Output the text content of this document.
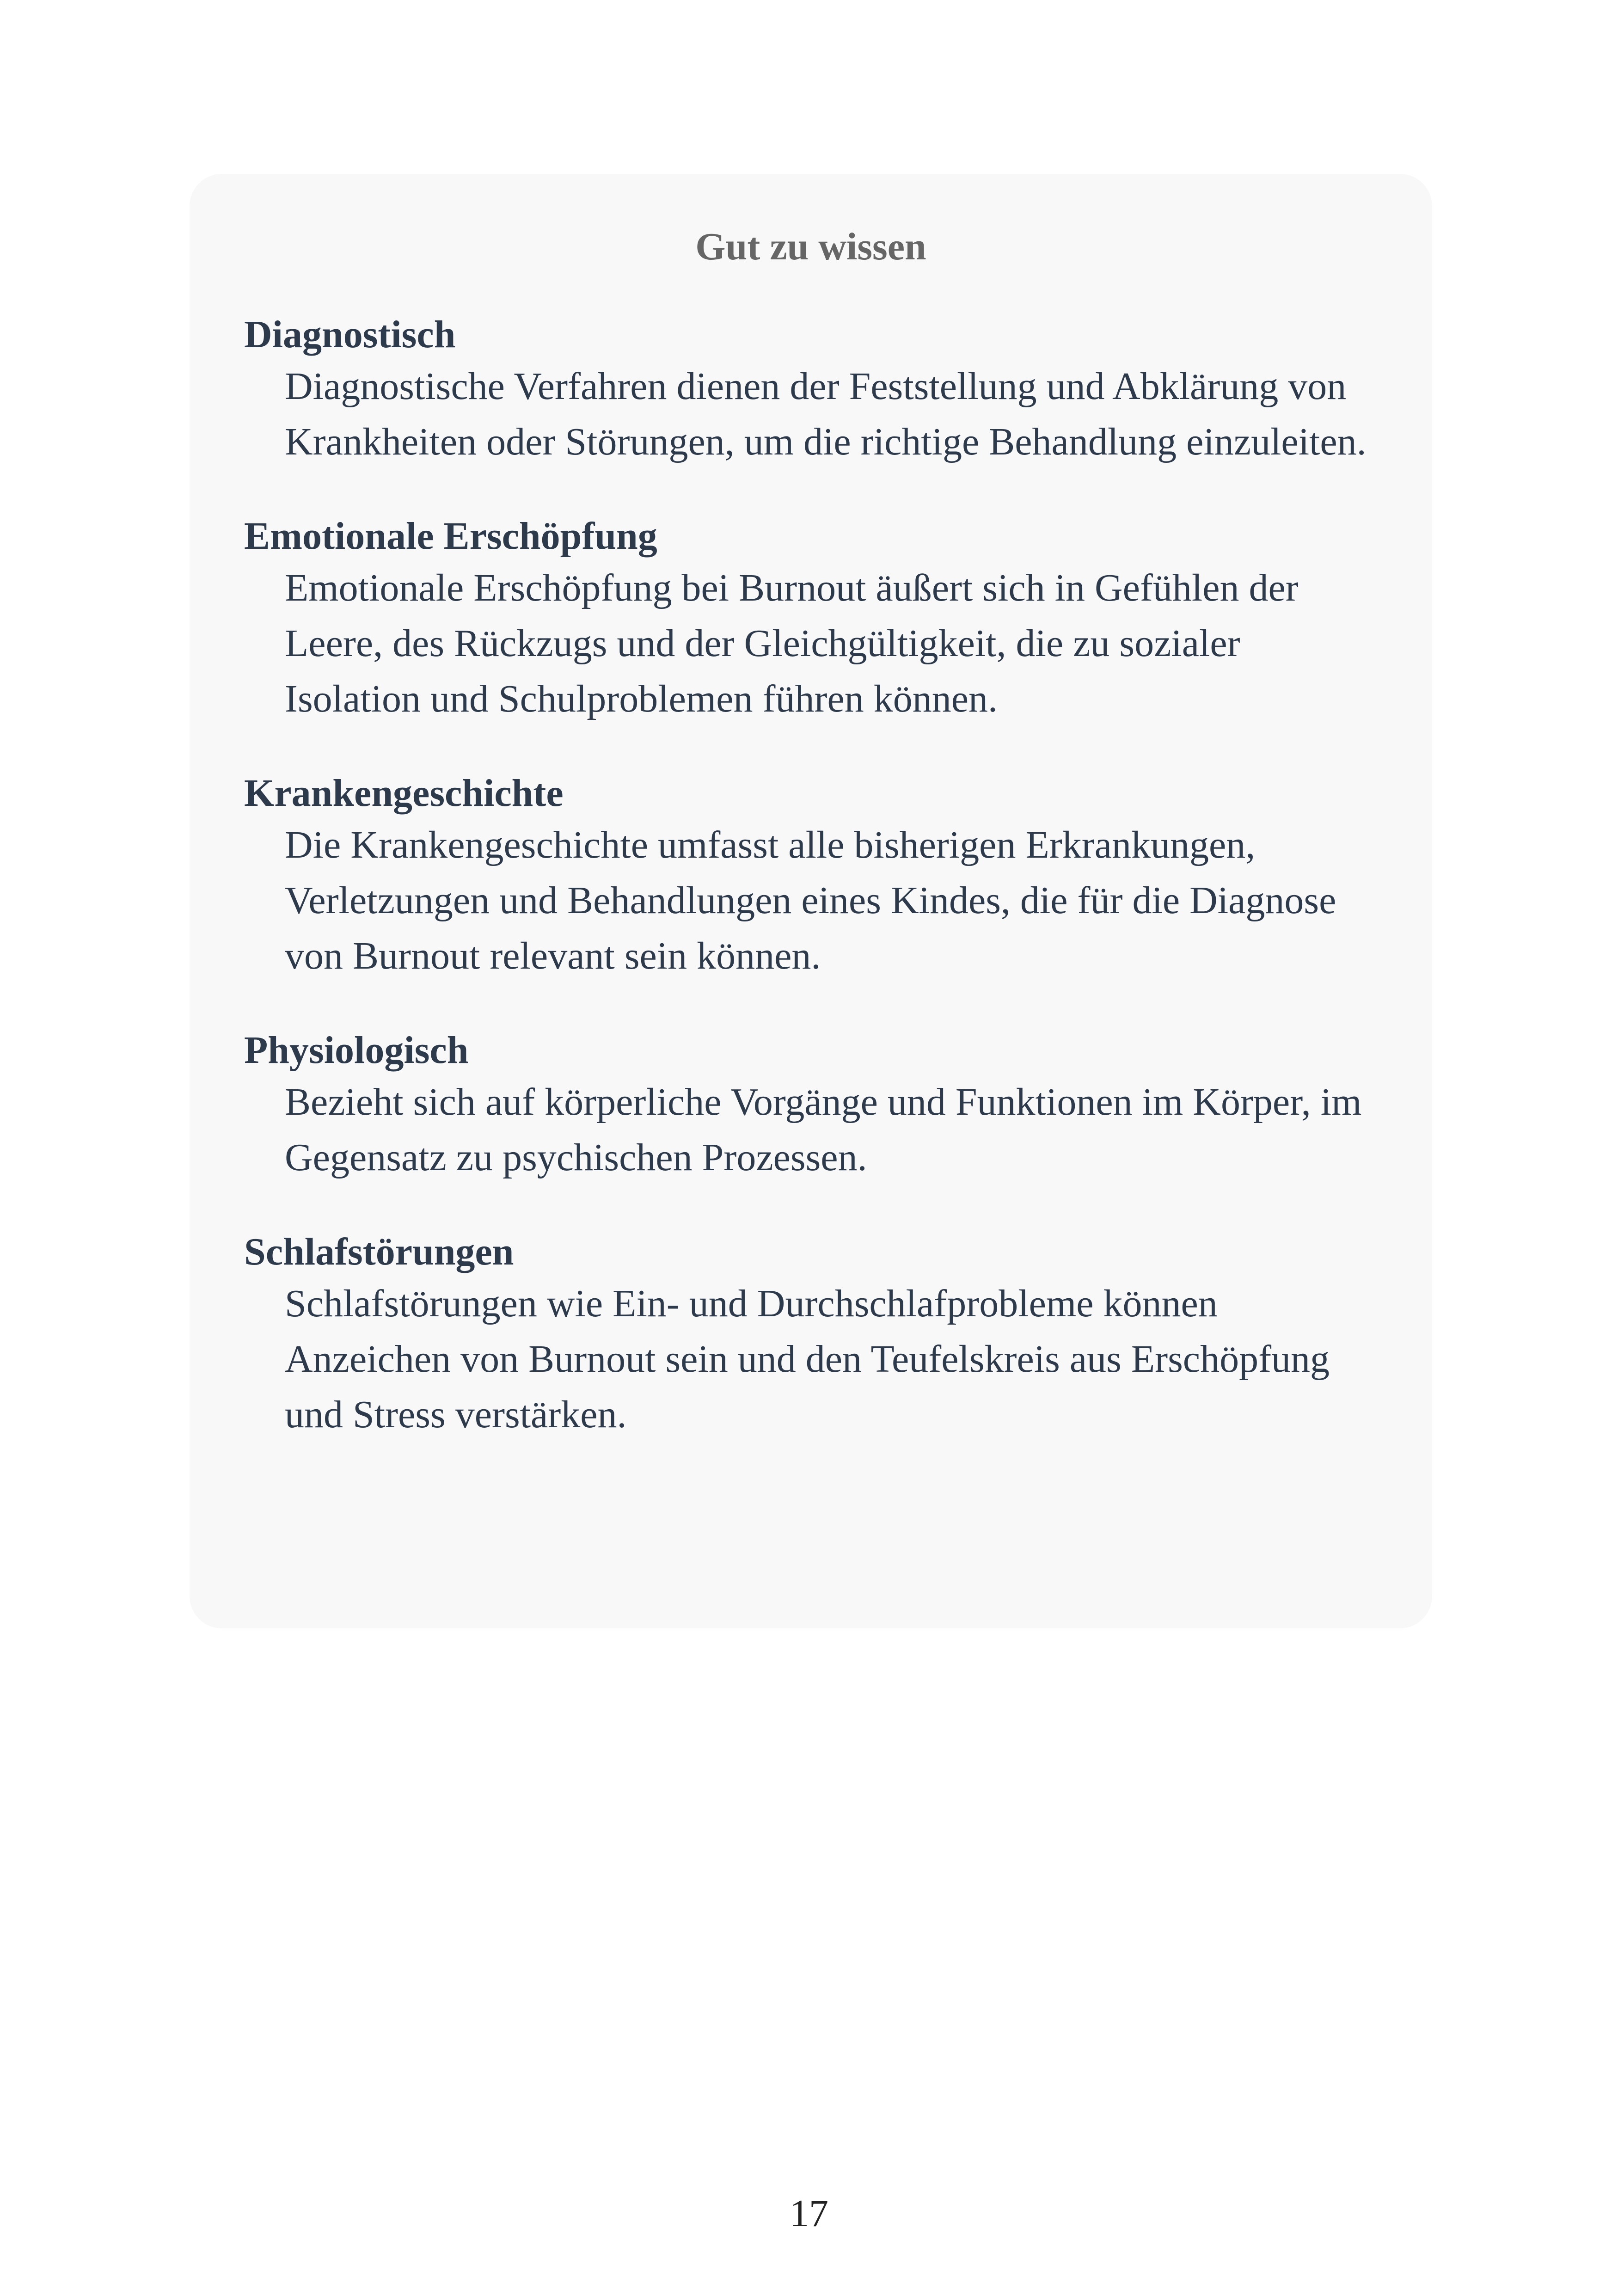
Gut zu wissen
Diagnostisch
Diagnostische Verfahren dienen der Feststellung und Abklärung von Krankheiten oder Störungen, um die richtige Behandlung einzuleiten.
Emotionale Erschöpfung
Emotionale Erschöpfung bei Burnout äußert sich in Gefühlen der Leere, des Rückzugs und der Gleichgültigkeit, die zu sozialer Isolation und Schulproblemen führen können.
Krankengeschichte
Die Krankengeschichte umfasst alle bisherigen Erkrankungen, Verletzungen und Behandlungen eines Kindes, die für die Diagnose von Burnout relevant sein können.
Physiologisch
Bezieht sich auf körperliche Vorgänge und Funktionen im Körper, im Gegensatz zu psychischen Prozessen.
Schlafstörungen
Schlafstörungen wie Ein- und Durchschlafprobleme können Anzeichen von Burnout sein und den Teufelskreis aus Erschöpfung und Stress verstärken.
17
